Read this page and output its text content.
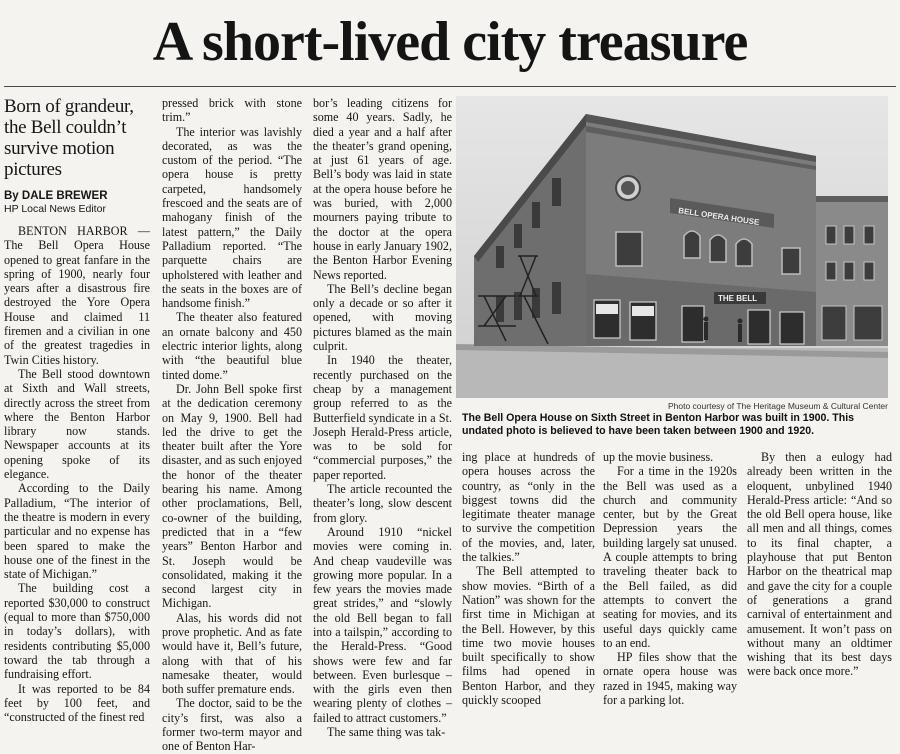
A short-lived city treasure
Born of grandeur, the Bell couldn’t survive motion pictures
By DALE BREWER
HP Local News Editor

BENTON HARBOR — The Bell Opera House opened to great fanfare in the spring of 1900, nearly four years after a disastrous fire destroyed the Yore Opera House and claimed 11 firemen and a civilian in one of the greatest tragedies in Twin Cities history.

The Bell stood downtown at Sixth and Wall streets, directly across the street from where the Benton Harbor library now stands. Newspaper accounts at its opening spoke of its elegance.

According to the Daily Palladium, “The interior of the theatre is modern in every particular and no expense has been spared to make the house one of the finest in the state of Michigan.”

The building cost a reported $30,000 to construct (equal to more than $750,000 in today’s dollars), with residents contributing $5,000 toward the tab through a fundraising effort.

It was reported to be 84 feet by 100 feet, and “constructed of the finest red

pressed brick with stone trim.”

The interior was lavishly decorated, as was the custom of the period. “The opera house is pretty carpeted, handsomely frescoed and the seats are of mahogany finish of the latest pattern,” the Daily Palladium reported. “The parquette chairs are upholstered with leather and the seats in the boxes are of handsome finish.”

The theater also featured an ornate balcony and 450 electric interior lights, along with “the beautiful blue tinted dome.”

Dr. John Bell spoke first at the dedication ceremony on May 9, 1900. Bell had led the drive to get the theater built after the Yore disaster, and as such enjoyed the honor of the theater bearing his name. Among other proclamations, Bell, co-owner of the building, predicted that in a “few years” Benton Harbor and St. Joseph would be consolidated, making it the second largest city in Michigan.

Alas, his words did not prove prophetic. And as fate would have it, Bell’s future, along with that of his namesake theater, would both suffer premature ends.

The doctor, said to be the city’s first, was also a former two-term mayor and one of Benton Har-

bor’s leading citizens for some 40 years. Sadly, he died a year and a half after the theater’s grand opening, at just 61 years of age. Bell’s body was laid in state at the opera house before he was buried, with 2,000 mourners paying tribute to the doctor at the opera house in early January 1902, the Benton Harbor Evening News reported.

The Bell’s decline began only a decade or so after it opened, with moving pictures blamed as the main culprit.

In 1940 the theater, recently purchased on the cheap by a management group referred to as the Butterfield syndicate in a St. Joseph Herald-Press article, was to be sold for “commercial purposes,” the paper reported.

The article recounted the theater’s long, slow descent from glory.

Around 1910 “nickel movies were coming in. And cheap vaudeville was growing more popular. In a few years the movies made great strides,” and “slowly the old Bell began to fall into a tailspin,” according to the Herald-Press. “Good shows were few and far between. Even burlesque – with the girls even then wearing plenty of clothes – failed to attract customers.”

The same thing was tak-

BELL OPERA HOUSE
THE BELL
Photo courtesy of The Heritage Museum & Cultural Center
The Bell Opera House on Sixth Street in Benton Harbor was built in 1900. This undated photo is believed to have been taken between 1900 and 1920.

ing place at hundreds of opera houses across the country, as “only in the biggest towns did the legitimate theater manage to survive the competition of the movies, and, later, the talkies.”

The Bell attempted to show movies. “Birth of a Nation” was shown for the first time in Michigan at the Bell. However, by this time two movie houses built specifically to show films had opened in Benton Harbor, and they quickly scooped

up the movie business.

For a time in the 1920s the Bell was used as a church and community center, but by the Great Depression years the building largely sat unused. A couple attempts to bring traveling theater back to the Bell failed, as did attempts to convert the seating for movies, and its useful days quickly came to an end.

HP files show that the ornate opera house was razed in 1945, making way for a parking lot.

By then a eulogy had already been written in the eloquent, unbylined 1940 Herald-Press article: “And so the old Bell opera house, like all men and all things, comes to its final chapter, a playhouse that put Benton Harbor on the theatrical map and gave the city for a couple of generations a grand carnival of entertainment and amusement. It won’t pass on without many an oldtimer wishing that its best days were back once more.”
